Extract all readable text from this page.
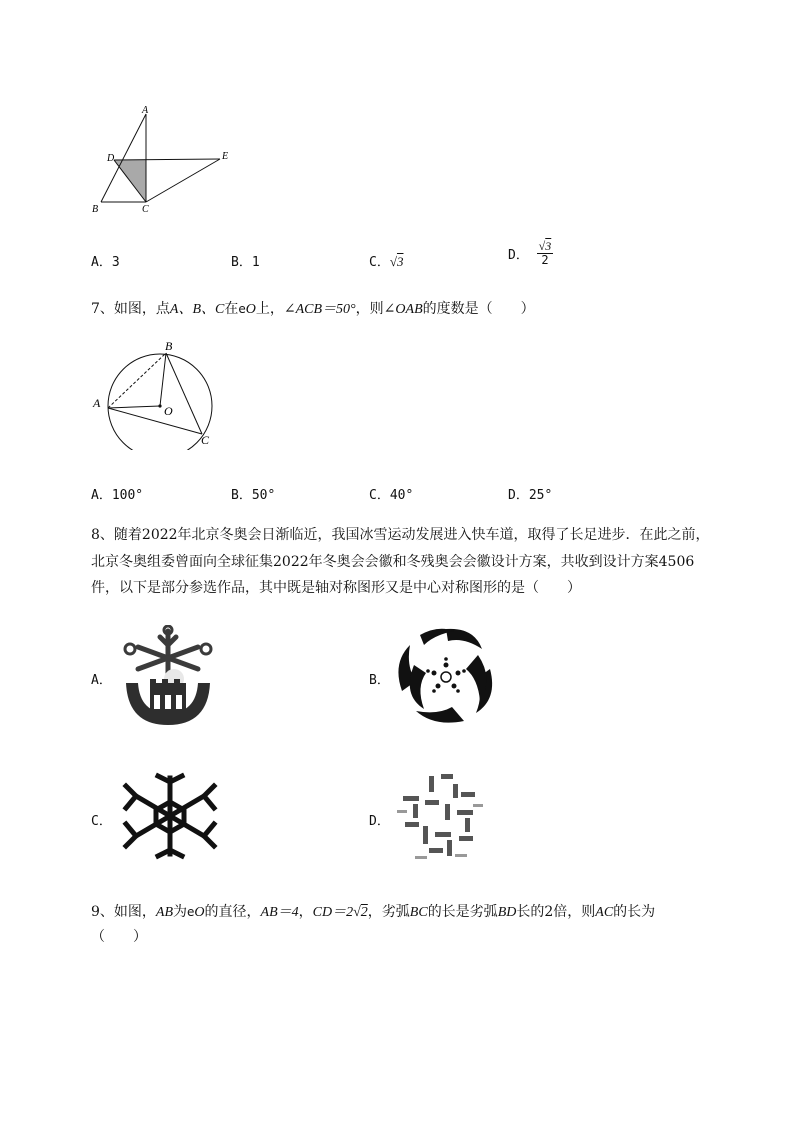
A
D	E
B	C
A．3	B．1	C．√3	D． $\frac{√3}{2}$
7、如图，点A、B、C在eO上，∠ACB＝50°，则∠OAB的度数是（　　）
A
B
O
C
A．100°	B．50°	C．40°	D．25°
8、随着2022年北京冬奥会日渐临近，我国冰雪运动发展进入快车道，取得了长足进步．在此之前，
北京冬奥组委曾面向全球征集2022年冬奥会会徽和冬残奥会会徽设计方案，共收到设计方案4506
件，以下是部分参选作品，其中既是轴对称图形又是中心对称图形的是（　　）
A．	B．
C．	D．
9、如图，AB为eO的直径，AB＝4，CD＝2√2，劣弧BC的长是劣弧BD长的2倍，则AC的长为
（　　）
